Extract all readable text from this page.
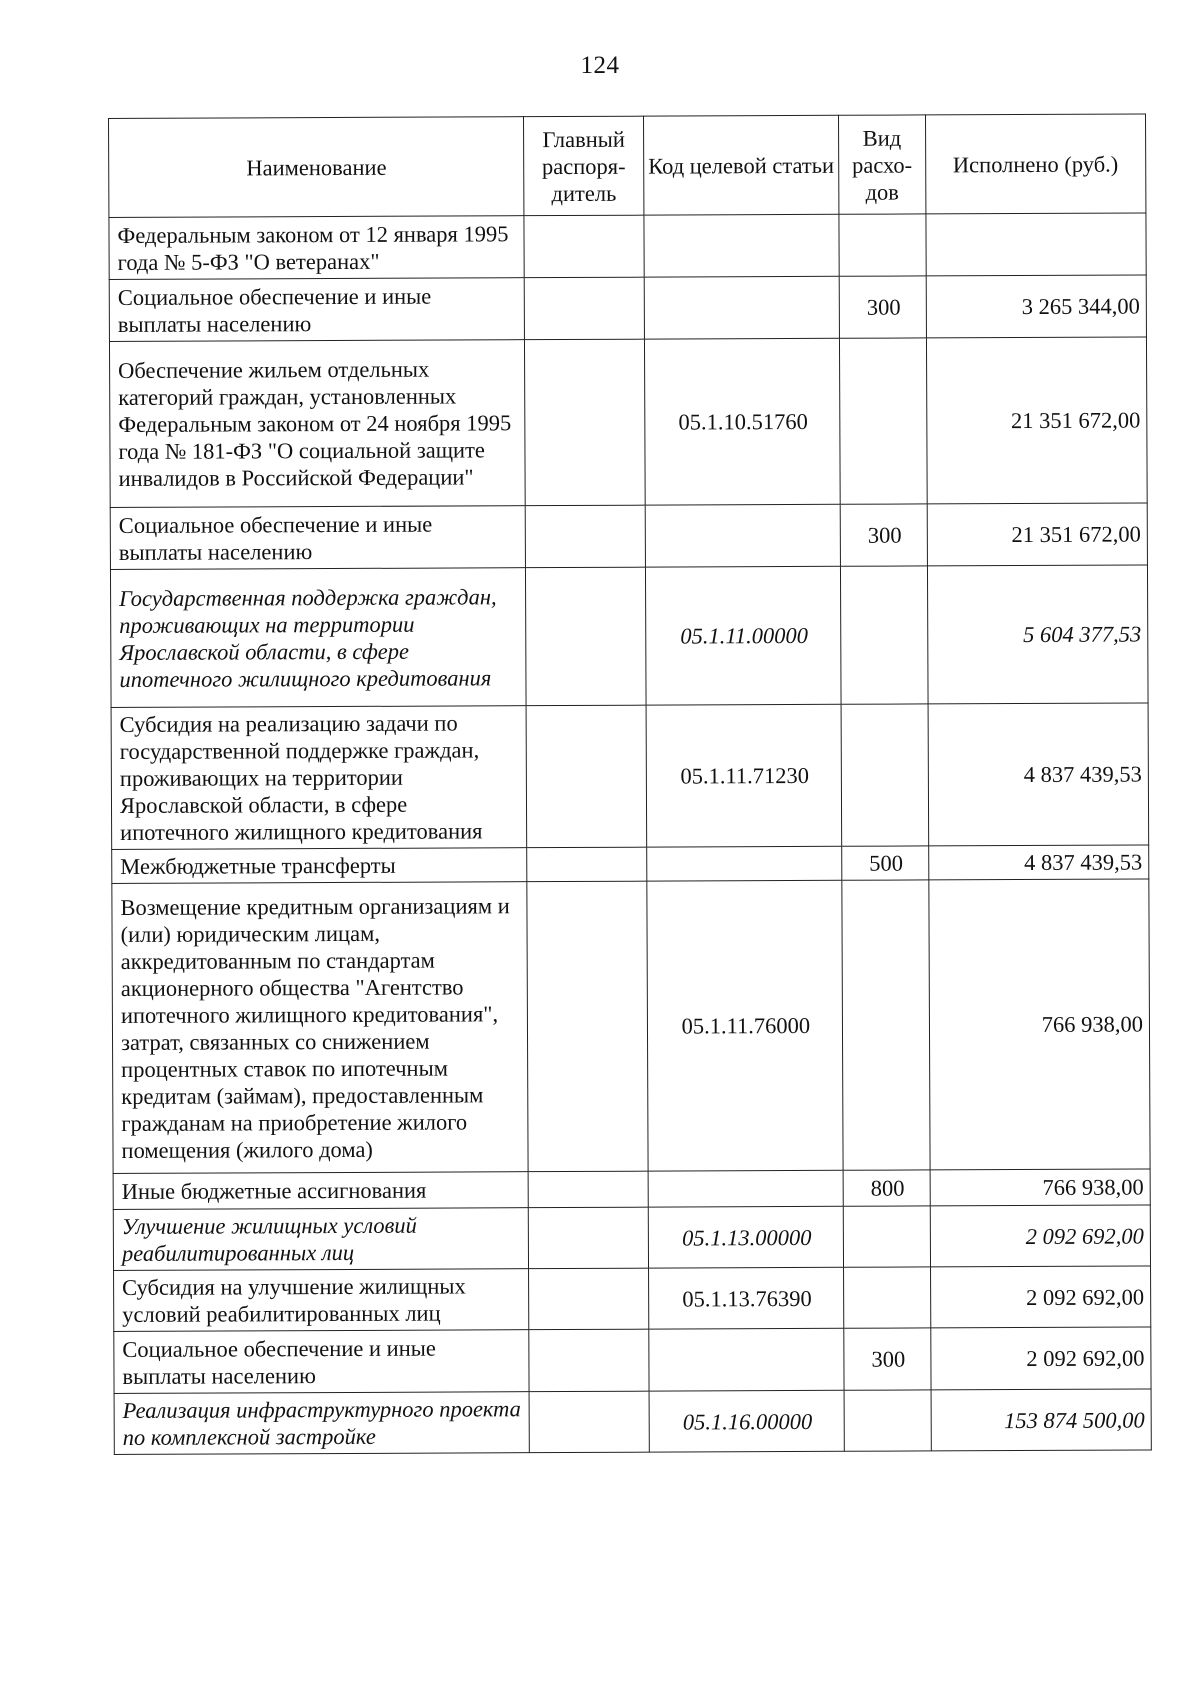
124
Наименование	Главный распоря-дитель	Код целевой статьи	Вид расхо-дов	Исполнено (руб.)
Федеральным законом от 12 января 1995 года № 5-ФЗ "О ветеранах"				
Социальное обеспечение и иные выплаты населению			300	3 265 344,00
Обеспечение жильем отдельных категорий граждан, установленных Федеральным законом от 24 ноября 1995 года № 181-ФЗ "О социальной защите инвалидов в Российской Федерации"		05.1.10.51760		21 351 672,00
Социальное обеспечение и иные выплаты населению			300	21 351 672,00
Государственная поддержка граждан, проживающих на территории Ярославской области, в сфере ипотечного жилищного кредитования		05.1.11.00000		5 604 377,53
Субсидия на реализацию задачи по государственной поддержке граждан, проживающих на территории Ярославской области, в сфере ипотечного жилищного кредитования		05.1.11.71230		4 837 439,53
Межбюджетные трансферты			500	4 837 439,53
Возмещение кредитным организациям и (или) юридическим лицам, аккредитованным по стандартам акционерного общества "Агентство ипотечного жилищного кредитования", затрат, связанных со снижением процентных ставок по ипотечным кредитам (займам), предоставленным гражданам на приобретение жилого помещения (жилого дома)		05.1.11.76000		766 938,00
Иные бюджетные ассигнования			800	766 938,00
Улучшение жилищных условий реабилитированных лиц		05.1.13.00000		2 092 692,00
Субсидия на улучшение жилищных условий реабилитированных лиц		05.1.13.76390		2 092 692,00
Социальное обеспечение и иные выплаты населению			300	2 092 692,00
Реализация инфраструктурного проекта по комплексной застройке		05.1.16.00000		153 874 500,00
